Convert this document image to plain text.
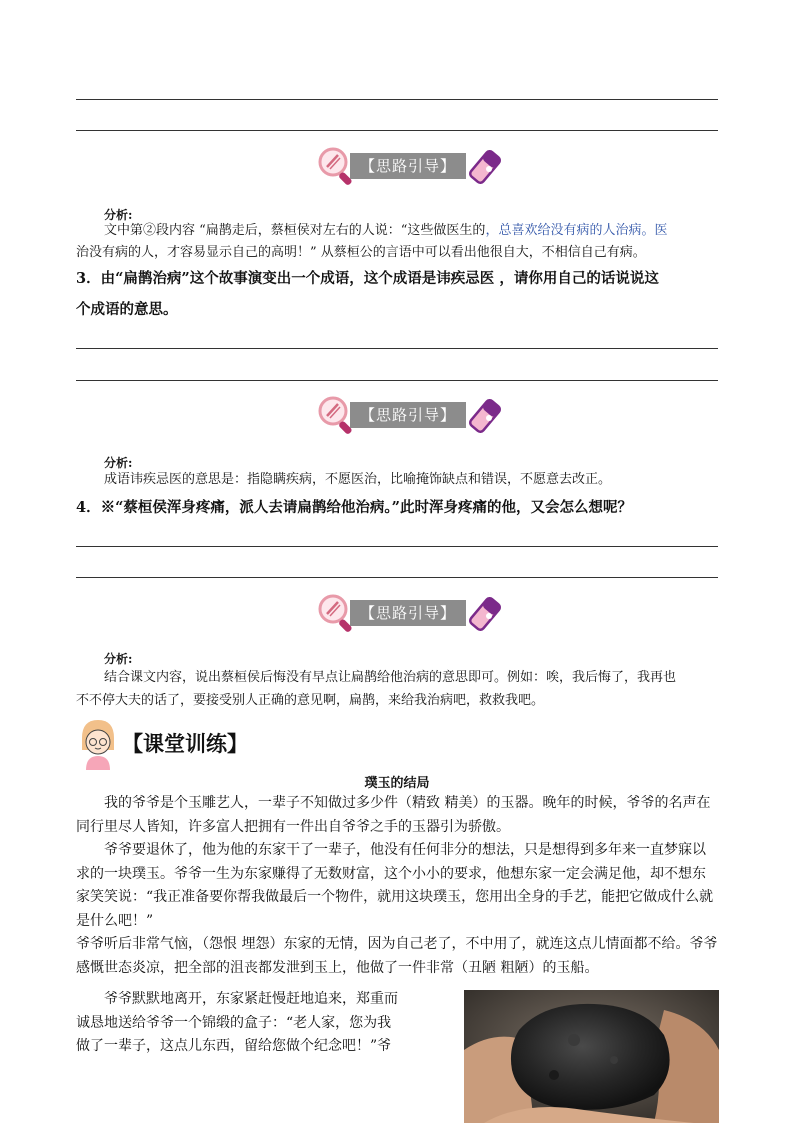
【思路引导】
分析:
文中第②段内容 “扁鹊走后，蔡桓侯对左右的人说：“这些做医生的，总喜欢给没有病的人治病。医
治没有病的人，才容易显示自己的高明！” 从蔡桓公的言语中可以看出他很自大，不相信自己有病。
3．由“扁鹊治病”这个故事演变出一个成语，这个成语是讳疾忌医 ，请你用自己的话说说这
个成语的意思。
【思路引导】
分析:
成语讳疾忌医的意思是：指隐瞒疾病，不愿医治，比喻掩饰缺点和错误，不愿意去改正。
4．※“蔡桓侯浑身疼痛，派人去请扁鹊给他治病。”此时浑身疼痛的他，又会怎么想呢？
【思路引导】
分析:
结合课文内容，说出蔡桓侯后悔没有早点让扁鹊给他治病的意思即可。例如：唉，我后悔了，我再也
不不停大夫的话了，要接受别人正确的意见啊，扁鹊，来给我治病吧，救救我吧。
【课堂训练】
璞玉的结局

我的爷爷是个玉雕艺人，一辈子不知做过多少件（精致 精美）的玉器。晚年的时候，爷爷的名声在同行里尽人皆知，许多富人把拥有一件出自爷爷之手的玉器引为骄傲。

爷爷要退休了，他为他的东家干了一辈子，他没有任何非分的想法，只是想得到多年来一直梦寐以求的一块璞玉。爷爷一生为东家赚得了无数财富，这个小小的要求，他想东家一定会满足他，却不想东家笑笑说：“我正准备要你帮我做最后一个物件，就用这块璞玉，您用出全身的手艺，能把它做成什么就是什么吧！”

爷爷听后非常气恼，（怨恨 埋怨）东家的无情，因为自己老了，不中用了，就连这点儿情面都不给。爷爷感慨世态炎凉，把全部的沮丧都发泄到玉上，他做了一件非常（丑陋 粗陋）的玉船。

爷爷默默地离开，东家紧赶慢赶地追来，郑重而

诚恳地送给爷爷一个锦缎的盒子：“老人家，您为我

做了一辈子，这点儿东西，留给您做个纪念吧！”爷
